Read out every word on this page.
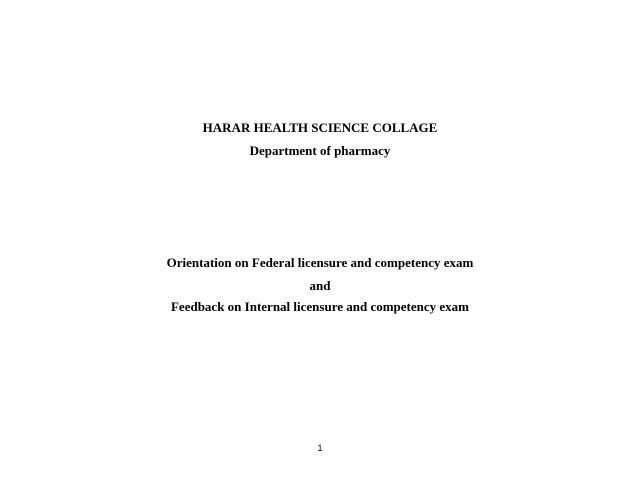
HARAR HEALTH SCIENCE COLLAGE
Department of pharmacy
Orientation on Federal licensure and competency exam
and
Feedback on Internal licensure and competency exam
1
